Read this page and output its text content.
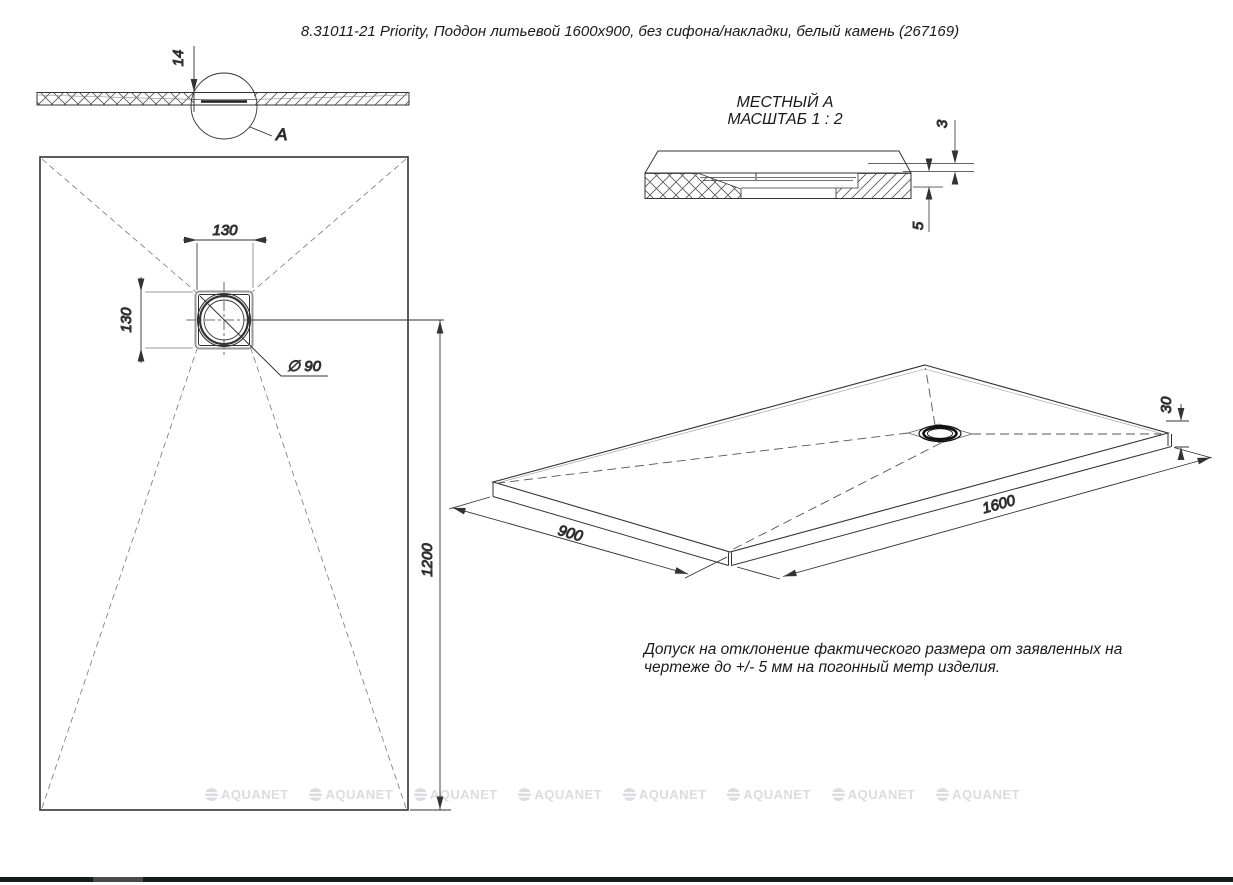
AQUANET	AQUANET	AQUANET	AQUANET	AQUANET	AQUANET	AQUANET	AQUANET
8.31011-21 Priority, Поддон литьевой 1600x900, без сифона/накладки, белый камень (267169)
МЕСТНЫЙ А
МАСШТАБ 1 : 2
Допуск на отклонение фактического размера от заявленных на
чертеже до +/- 5 мм на погонный метр изделия.
A
14
∅ 90
130
130
1200
3
5
900
1600
30
